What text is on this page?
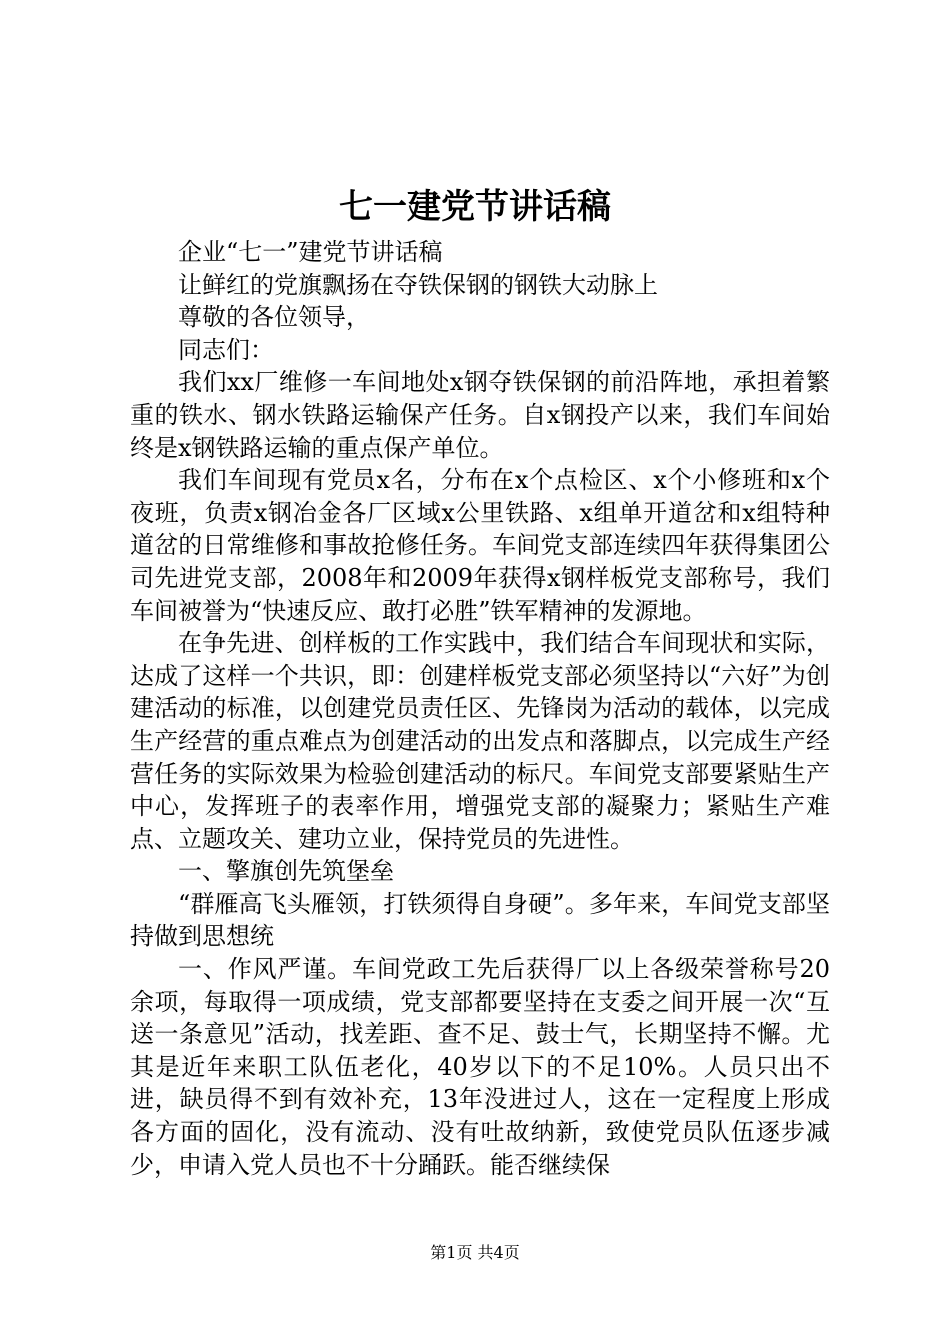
七一建党节讲话稿

企业“七一”建党节讲话稿

让鲜红的党旗飘扬在夺铁保钢的钢铁大动脉上

尊敬的各位领导，

同志们：

我们xx厂维修一车间地处x钢夺铁保钢的前沿阵地，承担着繁重的铁水、钢水铁路运输保产任务。自x钢投产以来，我们车间始终是x钢铁路运输的重点保产单位。

我们车间现有党员x名，分布在x个点检区、x个小修班和x个夜班，负责x钢冶金各厂区域x公里铁路、x组单开道岔和x组特种道岔的日常维修和事故抢修任务。车间党支部连续四年获得集团公司先进党支部，2008年和2009年获得x钢样板党支部称号，我们车间被誉为“快速反应、敢打必胜”铁军精神的发源地。

在争先进、创样板的工作实践中，我们结合车间现状和实际，达成了这样一个共识，即：创建样板党支部必须坚持以“六好”为创建活动的标准，以创建党员责任区、先锋岗为活动的载体，以完成生产经营的重点难点为创建活动的出发点和落脚点，以完成生产经营任务的实际效果为检验创建活动的标尺。车间党支部要紧贴生产中心，发挥班子的表率作用，增强党支部的凝聚力；紧贴生产难点、立题攻关、建功立业，保持党员的先进性。

一、擎旗创先筑堡垒

“群雁高飞头雁领，打铁须得自身硬”。多年来，车间党支部坚持做到思想统

一、作风严谨。车间党政工先后获得厂以上各级荣誉称号20余项，每取得一项成绩，党支部都要坚持在支委之间开展一次“互送一条意见”活动，找差距、查不足、鼓士气，长期坚持不懈。尤其是近年来职工队伍老化，40岁以下的不足10%。人员只出不进，缺员得不到有效补充，13年没进过人，这在一定程度上形成各方面的固化，没有流动、没有吐故纳新，致使党员队伍逐步减少，申请入党人员也不十分踊跃。能否继续保

第1页 共4页
